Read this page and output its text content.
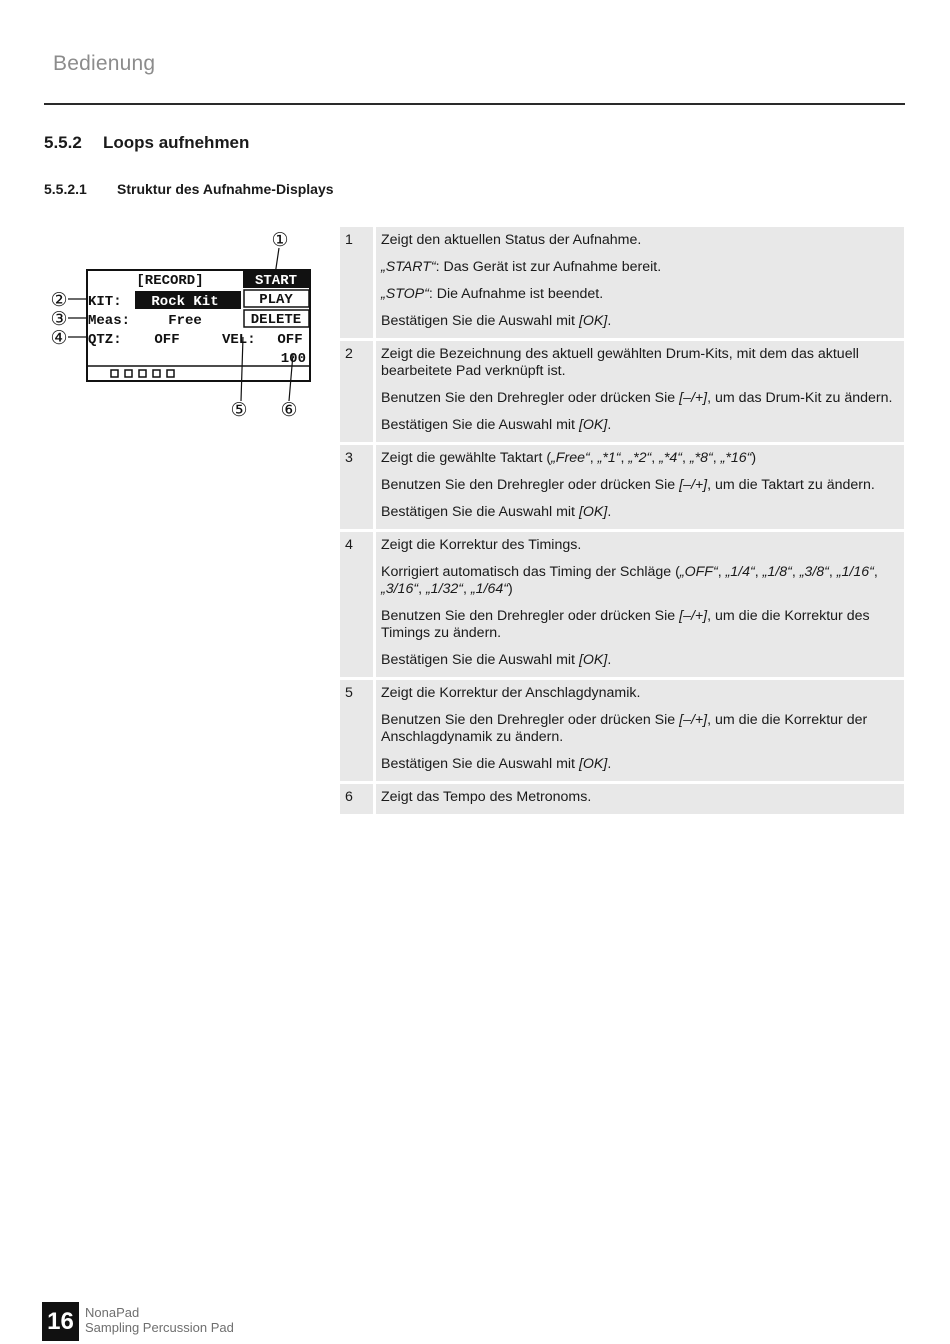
Bedienung
5.5.2 Loops aufnehmen
5.5.2.1 Struktur des Aufnahme-Displays
[RECORD]	START
PLAY
DELETE
KIT: Rock Kit
Meas:	Free
QTZ: OFF	VEL: OFF
100
①
②
③
④
⑤ ⑥
1	Zeigt den aktuellen Status der Aufnahme.

„START“: Das Gerät ist zur Aufnahme bereit.

„STOP“: Die Aufnahme ist beendet.

Bestätigen Sie die Auswahl mit [OK].

2	Zeigt die Bezeichnung des aktuell gewählten Drum-Kits, mit dem das aktuell bearbeitete Pad verknüpft ist.

Benutzen Sie den Drehregler oder drücken Sie [–/+], um das Drum-Kit zu ändern.

Bestätigen Sie die Auswahl mit [OK].

3	Zeigt die gewählte Taktart („Free“, „*1“, „*2“, „*4“, „*8“, „*16“)

Benutzen Sie den Drehregler oder drücken Sie [–/+], um die Taktart zu ändern.

Bestätigen Sie die Auswahl mit [OK].

4	Zeigt die Korrektur des Timings.

Korrigiert automatisch das Timing der Schläge („OFF“, „1/4“, „1/8“, „3/8“, „1/16“, „3/16“, „1/32“, „1/64“)

Benutzen Sie den Drehregler oder drücken Sie [–/+], um die die Korrektur des Timings zu ändern.

Bestätigen Sie die Auswahl mit [OK].

5	Zeigt die Korrektur der Anschlagdynamik.

Benutzen Sie den Drehregler oder drücken Sie [–/+], um die die Korrektur der Anschlagdynamik zu ändern.

Bestätigen Sie die Auswahl mit [OK].

6	Zeigt das Tempo des Metronoms.

16 NonaPad
Sampling Percussion Pad
